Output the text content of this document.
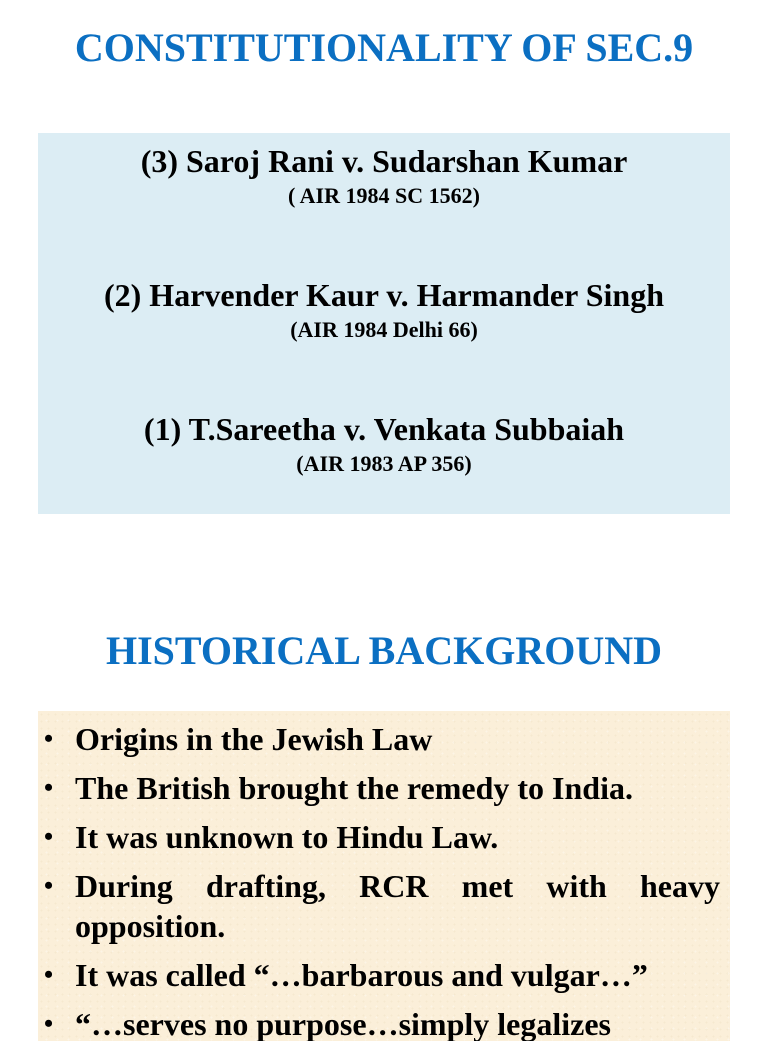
CONSTITUTIONALITY OF SEC.9
(3) Saroj Rani v. Sudarshan Kumar
( AIR 1984 SC 1562)
(2) Harvender Kaur v. Harmander Singh
(AIR 1984 Delhi 66)
(1) T.Sareetha v. Venkata Subbaiah
(AIR 1983 AP 356)
HISTORICAL BACKGROUND
• Origins in the Jewish Law
• The British brought the remedy to India.
• It was unknown to Hindu Law.
• During drafting, RCR met with heavy opposition.
• It was called “…barbarous and vulgar…”
• “…serves no purpose…simply legalizes
